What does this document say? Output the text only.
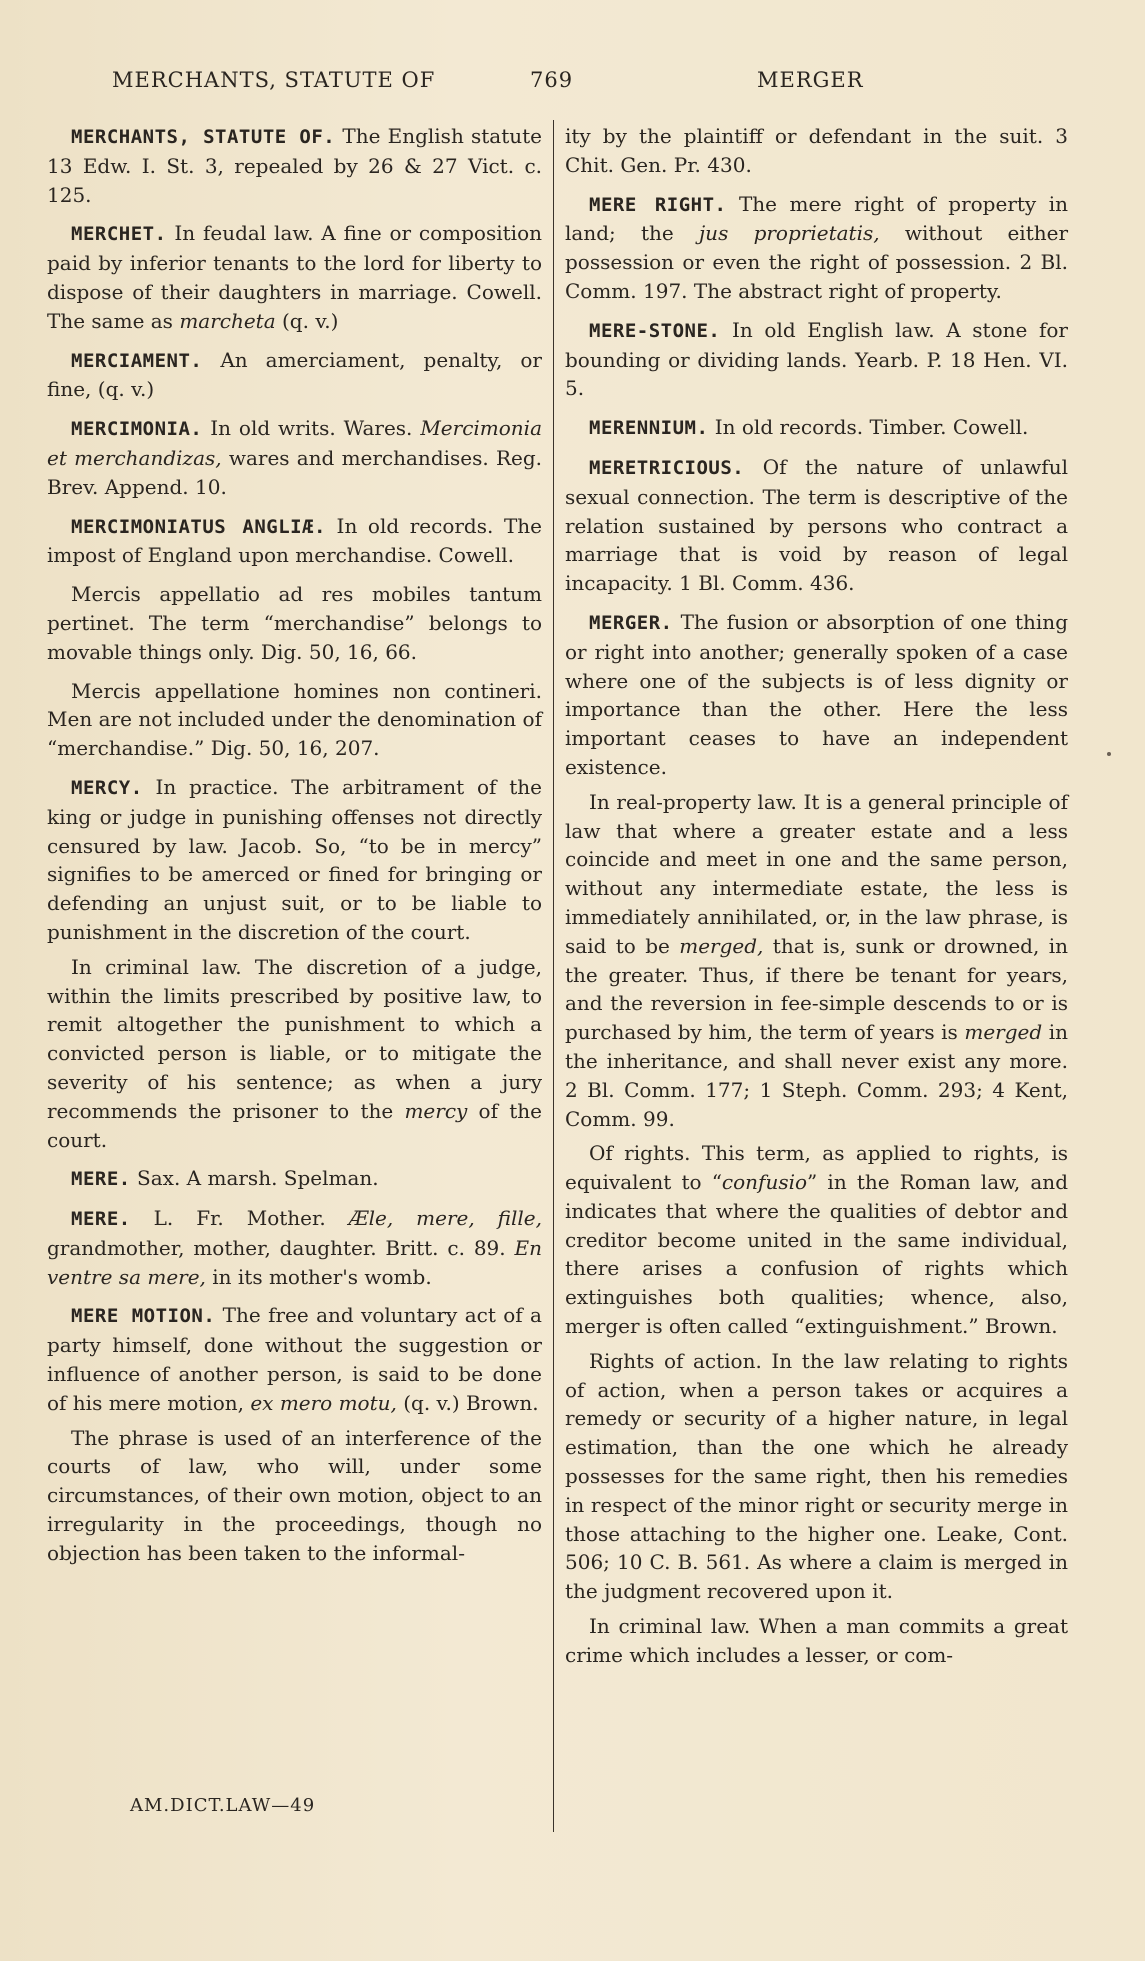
MERCHANTS, STATUTE OF	769	MERGER

MERCHANTS, STATUTE OF. The English statute 13 Edw. I. St. 3, repealed by 26 & 27 Vict. c. 125.

MERCHET. In feudal law. A fine or composition paid by inferior tenants to the lord for liberty to dispose of their daughters in marriage. Cowell. The same as marcheta (q. v.)

MERCIAMENT. An amerciament, penalty, or fine, (q. v.)

MERCIMONIA. In old writs. Wares. Mercimonia et merchandizas, wares and merchandises. Reg. Brev. Append. 10.

MERCIMONIATUS ANGLIÆ. In old records. The impost of England upon merchandise. Cowell.

Mercis appellatio ad res mobiles tantum pertinet. The term “merchandise” belongs to movable things only. Dig. 50, 16, 66.

Mercis appellatione homines non contineri. Men are not included under the denomination of “merchandise.” Dig. 50, 16, 207.

MERCY. In practice. The arbitrament of the king or judge in punishing offenses not directly censured by law. Jacob. So, “to be in mercy” signifies to be amerced or fined for bringing or defending an unjust suit, or to be liable to punishment in the discretion of the court.

In criminal law. The discretion of a judge, within the limits prescribed by positive law, to remit altogether the punishment to which a convicted person is liable, or to mitigate the severity of his sentence; as when a jury recommends the prisoner to the mercy of the court.

MERE. Sax. A marsh. Spelman.

MERE. L. Fr. Mother. Æle, mere, fille, grandmother, mother, daughter. Britt. c. 89. En ventre sa mere, in its mother's womb.

MERE MOTION. The free and voluntary act of a party himself, done without the suggestion or influence of another person, is said to be done of his mere motion, ex mero motu, (q. v.) Brown.

The phrase is used of an interference of the courts of law, who will, under some circumstances, of their own motion, object to an irregularity in the proceedings, though no objection has been taken to the informal-

ity by the plaintiff or defendant in the suit. 3 Chit. Gen. Pr. 430.

MERE RIGHT. The mere right of property in land; the jus proprietatis, without either possession or even the right of possession. 2 Bl. Comm. 197. The abstract right of property.

MERE-STONE. In old English law. A stone for bounding or dividing lands. Yearb. P. 18 Hen. VI. 5.

MERENNIUM. In old records. Timber. Cowell.

MERETRICIOUS. Of the nature of unlawful sexual connection. The term is descriptive of the relation sustained by persons who contract a marriage that is void by reason of legal incapacity. 1 Bl. Comm. 436.

MERGER. The fusion or absorption of one thing or right into another; generally spoken of a case where one of the subjects is of less dignity or importance than the other. Here the less important ceases to have an independent existence.

In real-property law. It is a general principle of law that where a greater estate and a less coincide and meet in one and the same person, without any intermediate estate, the less is immediately annihilated, or, in the law phrase, is said to be merged, that is, sunk or drowned, in the greater. Thus, if there be tenant for years, and the reversion in fee-simple descends to or is purchased by him, the term of years is merged in the inheritance, and shall never exist any more. 2 Bl. Comm. 177; 1 Steph. Comm. 293; 4 Kent, Comm. 99.

Of rights. This term, as applied to rights, is equivalent to “confusio” in the Roman law, and indicates that where the qualities of debtor and creditor become united in the same individual, there arises a confusion of rights which extinguishes both qualities; whence, also, merger is often called “extinguishment.” Brown.

Rights of action. In the law relating to rights of action, when a person takes or acquires a remedy or security of a higher nature, in legal estimation, than the one which he already possesses for the same right, then his remedies in respect of the minor right or security merge in those attaching to the higher one. Leake, Cont. 506; 10 C. B. 561. As where a claim is merged in the judgment recovered upon it.

In criminal law. When a man commits a great crime which includes a lesser, or com-

AM.DICT.LAW—49
